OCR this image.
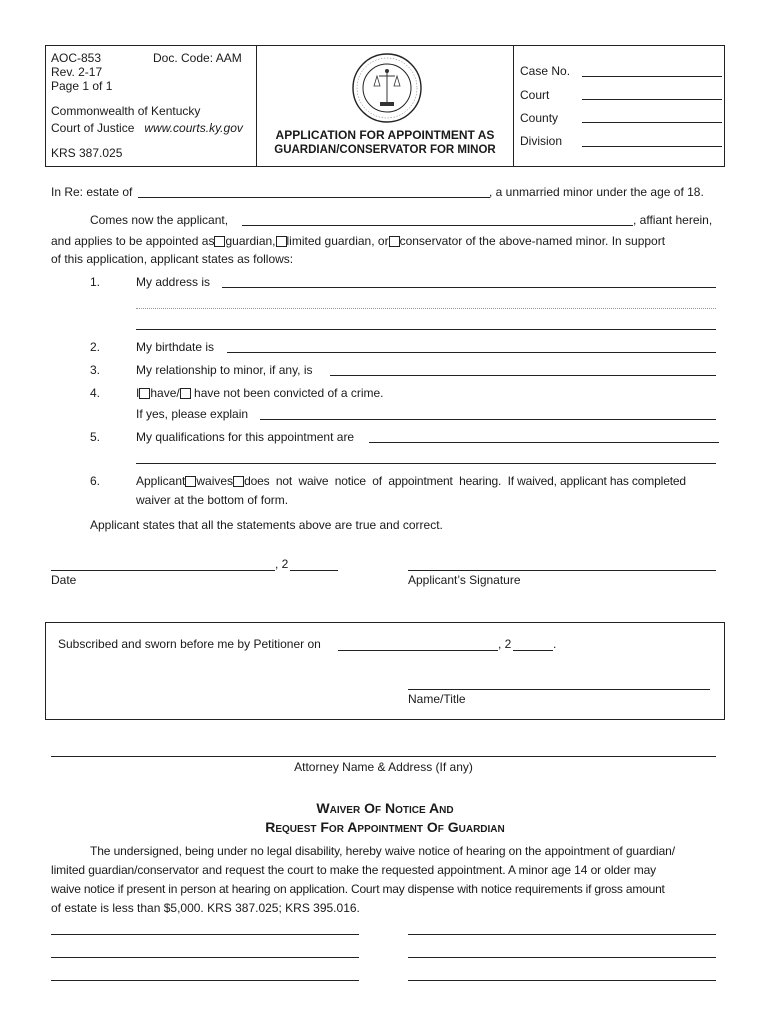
AOC-853	Doc. Code: AAM
Rev. 2-17
Page 1 of 1
Commonwealth of Kentucky
Court of Justice www.courts.ky.gov
KRS 387.025
APPLICATION FOR APPOINTMENT AS
GUARDIAN/CONSERVATOR FOR MINOR
Case No.
Court
County
Division
In Re: estate of	, a unmarried minor under the age of 18.
Comes now the applicant,	, affiant herein,
and applies to be appointed as guardian, limited guardian, or conservator of the above-named minor. In support
of this application, applicant states as follows:
1.	My address is
2.	My birthdate is
3.	My relationship to minor, if any, is
4.	I have/ have not been convicted of a crime.
If yes, please explain
5.	My qualifications for this appointment are
6.	Applicant waives does  not  waive  notice  of  appointment  hearing.  If waived, applicant has completed
waiver at the bottom of form.
Applicant states that all the statements above are true and correct.
, 2
Date	Applicant’s Signature
Subscribed and sworn before me by Petitioner on	, 2	.
Name/Title
Attorney Name & Address (If any)
Waiver Of Notice And
Request For Appointment Of Guardian
The undersigned, being under no legal disability, hereby waive notice of hearing on the appointment of guardian/
limited guardian/conservator and request the court to make the requested appointment. A minor age 14 or older may
waive notice if present in person at hearing on application. Court may dispense with notice requirements if gross amount
of estate is less than $5,000. KRS 387.025; KRS 395.016.
